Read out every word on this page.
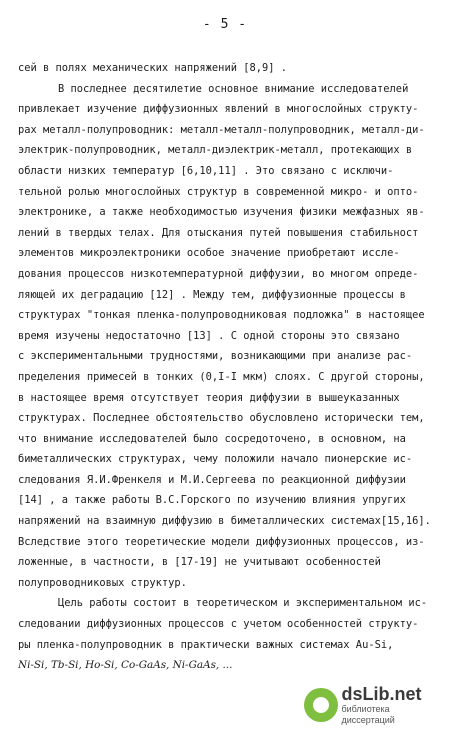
- 5 -
сей в полях механических напряжений [8,9] .
В последнее десятилетие основное внимание исследователей
привлекает изучение диффузионных явлений в многослойных структу-
рах металл-полупроводник: металл-металл-полупроводник, металл-ди-
электрик-полупроводник, металл-диэлектрик-металл, протекающих в
области низких температур [6,10,11] . Это связано с исключи-
тельной ролью многослойных структур в современной микро- и опто-
электронике, а также необходимостью изучения физики межфазных яв-
лений в твердых телах. Для отыскания путей повышения стабильност
элементов микроэлектроники особое значение приобретают иссле-
дования процессов низкотемпературной диффузии, во многом опреде-
ляющей их деградацию [12] . Между тем, диффузионные процессы в
структурах "тонкая пленка-полупроводниковая подложка" в настоящее
время изучены недостаточно [13] . С одной стороны это связано
с экспериментальными трудностями, возникающими при анализе рас-
пределения примесей в тонких (0,I-I мкм) слоях. С другой стороны,
в настоящее время отсутствует теория диффузии в вышеуказанных
структурах. Последнее обстоятельство обусловлено исторически тем,
что внимание исследователей было сосредоточено, в основном, на
биметаллических структурах, чему положили начало пионерские ис-
следования Я.И.Френкеля и М.И.Сергеева по реакционной диффузии
[14] , а также работы В.С.Горского по изучению влияния упругих
напряжений на взаимную диффузию в биметаллических системах[15,16].
Вследствие этого теоретические модели диффузионных процессов, из-
ложенные, в частности, в [17-19] не учитывают особенностей
полупроводниковых структур.
Цель работы состоит в теоретическом и экспериментальном ис-
следовании диффузионных процессов с учетом особенностей структу-
ры пленка-полупроводник в практически важных системах Au-Si,
Ni-Si, Tb-Si, Ho-Si, Co-GaAs, Ni-GaAs, ...
dsLib.net
библиотека диссертаций
